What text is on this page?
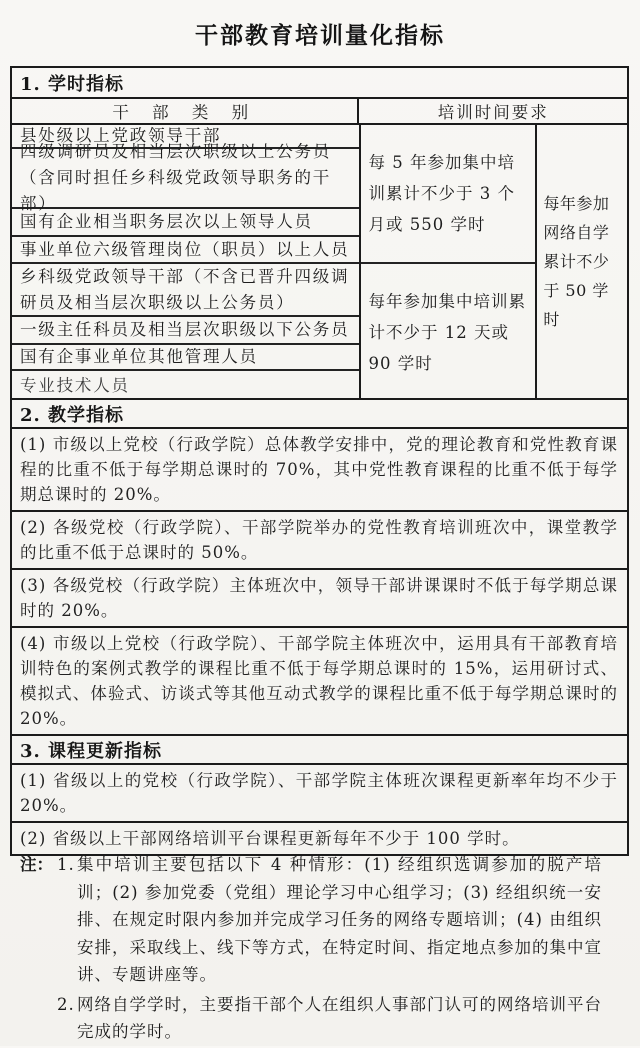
干部教育培训量化指标
1. 学时指标
干 部 类 别	培训时间要求
县处级以上党政领导干部
四级调研员及相当层次职级以上公务员（含同时担任乡科级党政领导职务的干部）
国有企业相当职务层次以上领导人员
事业单位六级管理岗位（职员）以上人员
乡科级党政领导干部（不含已晋升四级调研员及相当层次职级以上公务员）
一级主任科员及相当层次职级以下公务员
国有企事业单位其他管理人员
专业技术人员
每 5 年参加集中培训累计不少于 3 个月或 550 学时
每年参加集中培训累计不少于 12 天或 90 学时
每年参加网络自学累计不少于 50 学时
2. 教学指标
(1) 市级以上党校（行政学院）总体教学安排中，党的理论教育和党性教育课程的比重不低于每学期总课时的 70%，其中党性教育课程的比重不低于每学期总课时的 20%。
(2) 各级党校（行政学院）、干部学院举办的党性教育培训班次中，课堂教学的比重不低于总课时的 50%。
(3) 各级党校（行政学院）主体班次中，领导干部讲课课时不低于每学期总课时的 20%。
(4) 市级以上党校（行政学院）、干部学院主体班次中，运用具有干部教育培训特色的案例式教学的课程比重不低于每学期总课时的 15%，运用研讨式、模拟式、体验式、访谈式等其他互动式教学的课程比重不低于每学期总课时的 20%。
3. 课程更新指标
(1) 省级以上的党校（行政学院）、干部学院主体班次课程更新率年均不少于 20%。
(2) 省级以上干部网络培训平台课程更新每年不少于 100 学时。
注： 1. 集中培训主要包括以下 4 种情形：(1) 经组织选调参加的脱产培训；(2) 参加党委（党组）理论学习中心组学习；(3) 经组织统一安排、在规定时限内参加并完成学习任务的网络专题培训；(4) 由组织安排，采取线上、线下等方式，在特定时间、指定地点参加的集中宣讲、专题讲座等。
2. 网络自学学时，主要指干部个人在组织人事部门认可的网络培训平台完成的学时。
